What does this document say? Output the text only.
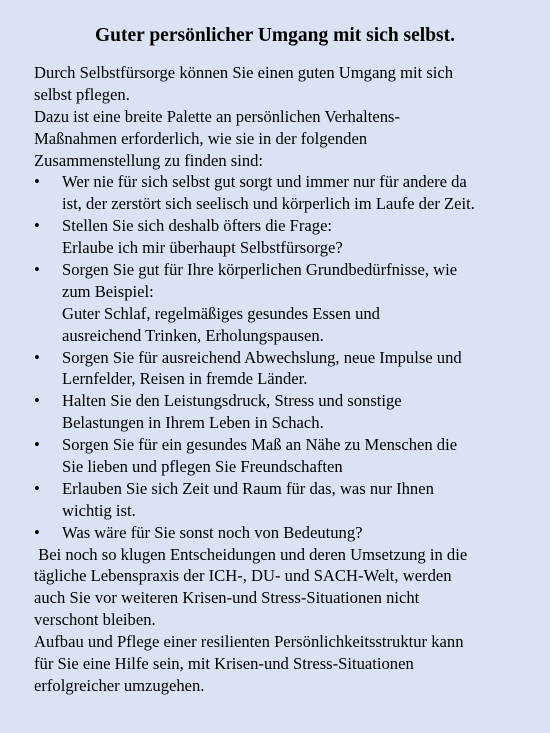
Guter persönlicher Umgang mit sich selbst.
Durch Selbstfürsorge können Sie einen guten Umgang mit sich
selbst pflegen.
Dazu ist eine breite Palette an persönlichen Verhaltens-
Maßnahmen erforderlich, wie sie in der folgenden
Zusammenstellung zu finden sind:
•	Wer nie für sich selbst gut sorgt und immer nur für andere da
ist, der zerstört sich seelisch und körperlich im Laufe der Zeit.
•	Stellen Sie sich deshalb öfters die Frage:
Erlaube ich mir überhaupt Selbstfürsorge?
•	Sorgen Sie gut für Ihre körperlichen Grundbedürfnisse, wie
zum Beispiel:
Guter Schlaf, regelmäßiges gesundes Essen und
ausreichend Trinken, Erholungspausen.
•	Sorgen Sie für ausreichend Abwechslung, neue Impulse und
Lernfelder, Reisen in fremde Länder.
•	Halten Sie den Leistungsdruck, Stress und sonstige
Belastungen in Ihrem Leben in Schach.
•	Sorgen Sie für ein gesundes Maß an Nähe zu Menschen die
Sie lieben und pflegen Sie Freundschaften
•	Erlauben Sie sich Zeit und Raum für das, was nur Ihnen
wichtig ist.
•	Was wäre für Sie sonst noch von Bedeutung?
Bei noch so klugen Entscheidungen und deren Umsetzung in die
tägliche Lebenspraxis der ICH-, DU- und SACH-Welt, werden
auch Sie vor weiteren Krisen-und Stress-Situationen nicht
verschont bleiben.
Aufbau und Pflege einer resilienten Persönlichkeitsstruktur kann
für Sie eine Hilfe sein, mit Krisen-und Stress-Situationen
erfolgreicher umzugehen.
